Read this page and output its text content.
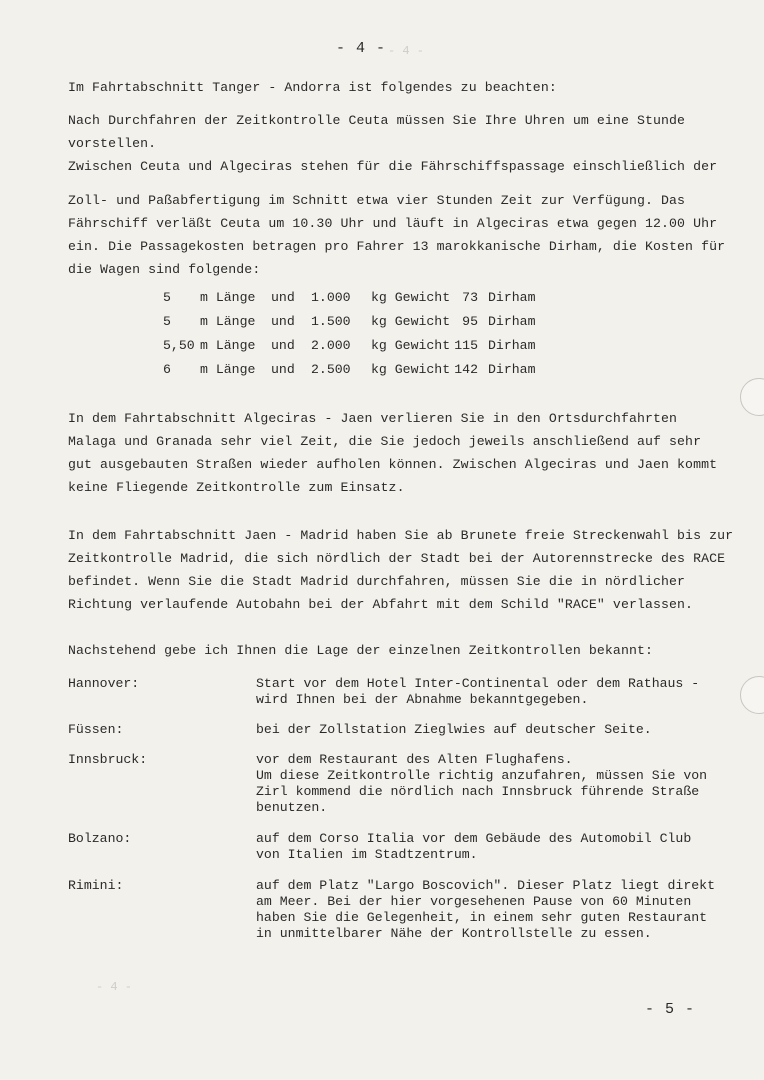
- 4 -
- 4 -
- 4 -
Im Fahrtabschnitt Tanger - Andorra ist folgendes zu beachten:
Nach Durchfahren der Zeitkontrolle Ceuta müssen Sie Ihre Uhren um eine Stunde
vorstellen.
Zwischen Ceuta und Algeciras stehen für die Fährschiffspassage einschließlich der
Zoll- und Paßabfertigung im Schnitt etwa vier Stunden Zeit zur Verfügung. Das
Fährschiff verläßt Ceuta um 10.30 Uhr und läuft in Algeciras etwa gegen 12.00 Uhr
ein. Die Passagekosten betragen pro Fahrer 13 marokkanische Dirham, die Kosten für
die Wagen sind folgende:
5 m Länge und 1.000 kg Gewicht 73 Dirham
5 m Länge und 1.500 kg Gewicht 95 Dirham
5,50 m Länge und 2.000 kg Gewicht 115 Dirham
6 m Länge und 2.500 kg Gewicht 142 Dirham
In dem Fahrtabschnitt Algeciras - Jaen verlieren Sie in den Ortsdurchfahrten
Malaga und Granada sehr viel Zeit, die Sie jedoch jeweils anschließend auf sehr
gut ausgebauten Straßen wieder aufholen können. Zwischen Algeciras und Jaen kommt
keine Fliegende Zeitkontrolle zum Einsatz.
In dem Fahrtabschnitt Jaen - Madrid haben Sie ab Brunete freie Streckenwahl bis zur
Zeitkontrolle Madrid, die sich nördlich der Stadt bei der Autorennstrecke des RACE
befindet. Wenn Sie die Stadt Madrid durchfahren, müssen Sie die in nördlicher
Richtung verlaufende Autobahn bei der Abfahrt mit dem Schild "RACE" verlassen.
Nachstehend gebe ich Ihnen die Lage der einzelnen Zeitkontrollen bekannt:
Hannover:	Start vor dem Hotel Inter-Continental oder dem Rathaus -
wird Ihnen bei der Abnahme bekanntgegeben.
Füssen:	bei der Zollstation Zieglwies auf deutscher Seite.
Innsbruck:	vor dem Restaurant des Alten Flughafens.
Um diese Zeitkontrolle richtig anzufahren, müssen Sie von
Zirl kommend die nördlich nach Innsbruck führende Straße
benutzen.
Bolzano:	auf dem Corso Italia vor dem Gebäude des Automobil Club
von Italien im Stadtzentrum.
Rimini:	auf dem Platz "Largo Boscovich". Dieser Platz liegt direkt
am Meer. Bei der hier vorgesehenen Pause von 60 Minuten
haben Sie die Gelegenheit, in einem sehr guten Restaurant
in unmittelbarer Nähe der Kontrollstelle zu essen.
- 5 -
